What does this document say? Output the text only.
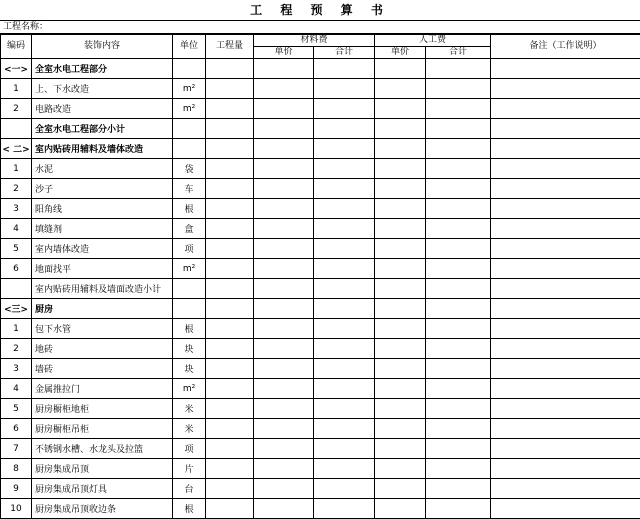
工 程 预 算 书
工程名称：
编码	装饰内容	单位	工程量	材料费		人工费		备注（工作说明）
				单价	合计	单价	合计	
<一>	全室水电工程部分							
1	上、下水改造	m²						
2	电路改造	m²						
	全室水电工程部分小计							
< 二>	室内贴砖用辅料及墙体改造							
1	水泥	袋						
2	沙子	车						
3	阳角线	根						
4	填缝剂	盒						
5	室内墙体改造	项						
6	地面找平	m²						
	室内贴砖用辅料及墙面改造小计							
<三>	厨房							
1	包下水管	根						
2	地砖	块						
3	墙砖	块						
4	金属推拉门	m²						
5	厨房橱柜地柜	米						
6	厨房橱柜吊柜	米						
7	不锈钢水槽、水龙头及拉篮	项						
8	厨房集成吊顶	片						
9	厨房集成吊顶灯具	台						
10	厨房集成吊顶收边条	根						
